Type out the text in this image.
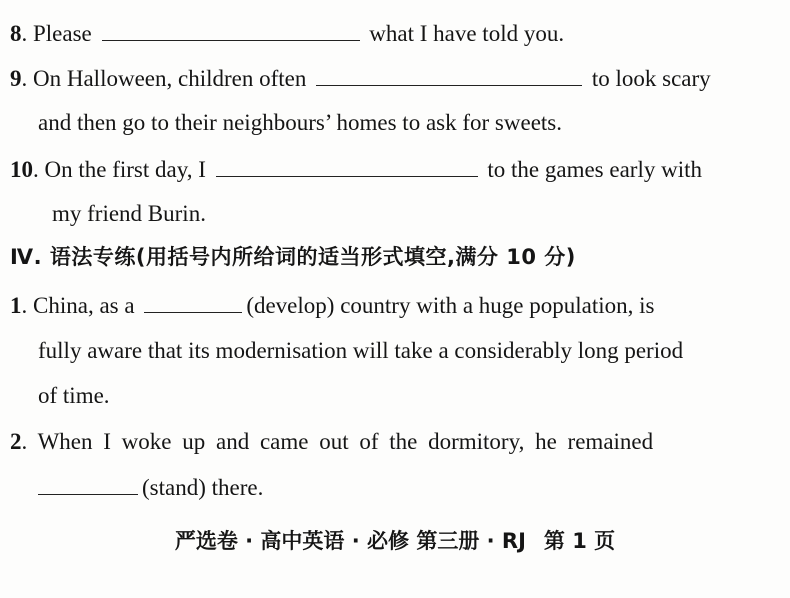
8. Please	what I have told you.
9. On Halloween, children often	to look scary
and then go to their neighbours’ homes to ask for sweets.
10. On the first day, I	to the games early with
my friend Burin.
Ⅳ. 语法专练(用括号内所给词的适当形式填空,满分 10 分)
1. China, as a	(develop) country with a huge population, is
fully aware that its modernisation will take a considerably long period
of time.
2. When I woke up and came out of the dormitory, he remained
(stand) there.
严选卷 · 高中英语 · 必修 第三册 · RJ 第 1 页
